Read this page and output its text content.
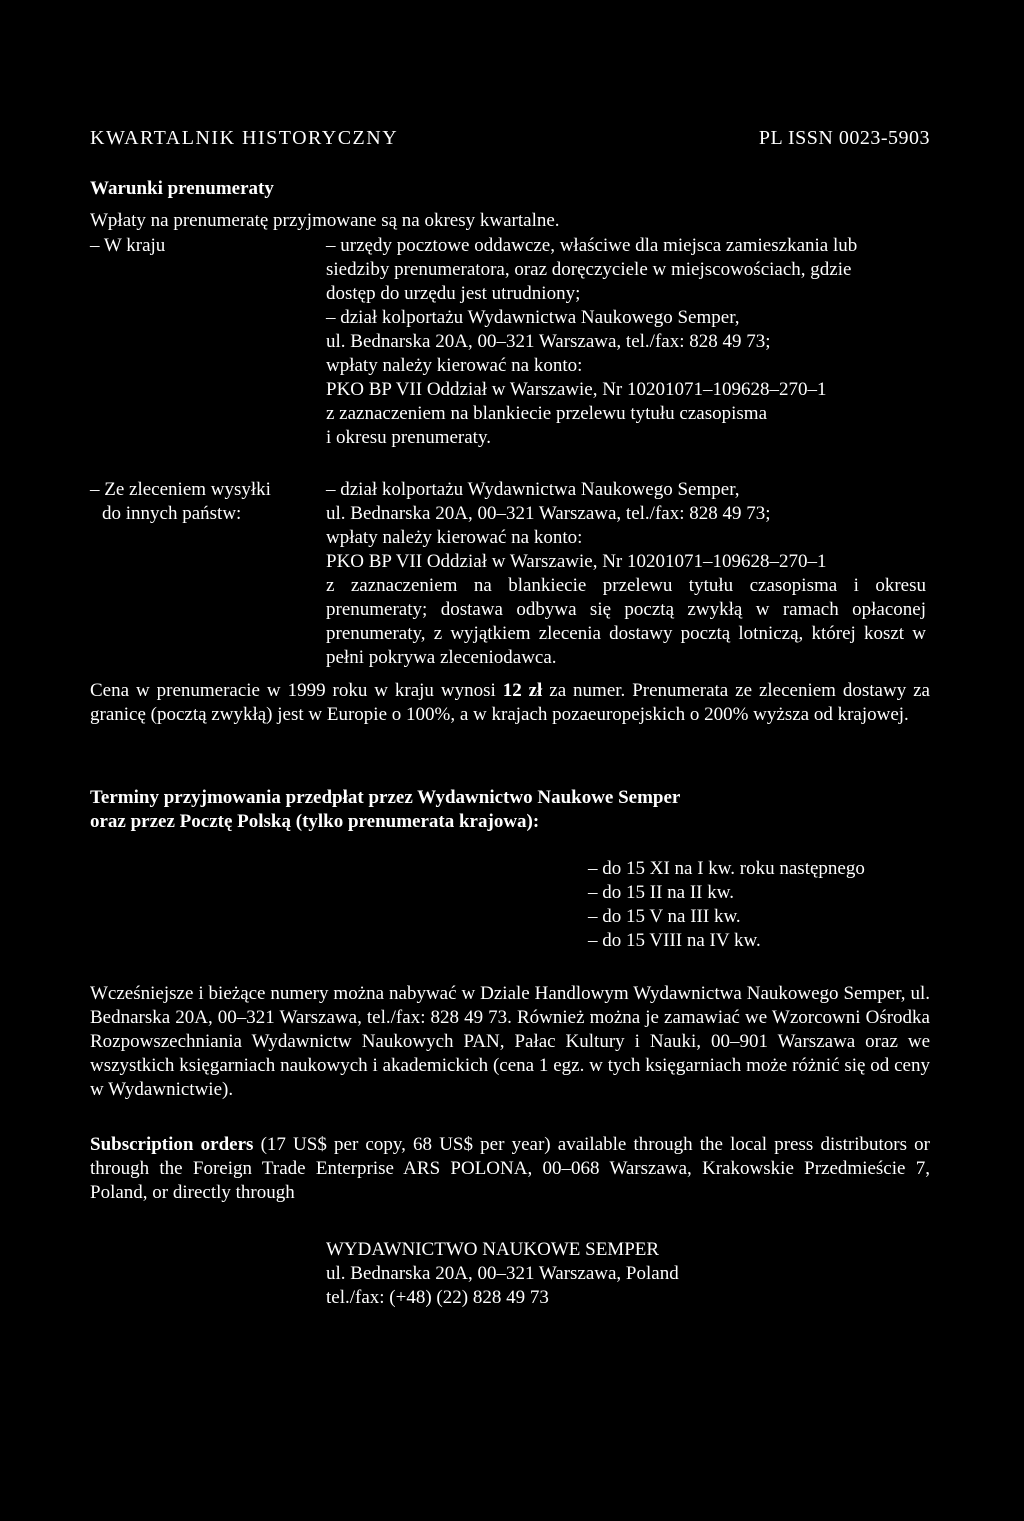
KWARTALNIK HISTORYCZNY	PL ISSN 0023-5903
Warunki prenumeraty
Wpłaty na prenumeratę przyjmowane są na okresy kwartalne.
– W kraju	– urzędy pocztowe oddawcze, właściwe dla miejsca zamieszkania lub
siedziby prenumeratora, oraz doręczyciele w miejscowościach, gdzie
dostęp do urzędu jest utrudniony;
– dział kolportażu Wydawnictwa Naukowego Semper,
ul. Bednarska 20A, 00–321 Warszawa, tel./fax: 828 49 73;
wpłaty należy kierować na konto:
PKO BP VII Oddział w Warszawie, Nr 10201071–109628–270–1
z zaznaczeniem na blankiecie przelewu tytułu czasopisma
i okresu prenumeraty.
– Ze zleceniem wysyłki
do innych państw:
– dział kolportażu Wydawnictwa Naukowego Semper,
ul. Bednarska 20A, 00–321 Warszawa, tel./fax: 828 49 73;
wpłaty należy kierować na konto:
PKO BP VII Oddział w Warszawie, Nr 10201071–109628–270–1

z zaznaczeniem na blankiecie przelewu tytułu czasopisma i okresu prenumeraty; dostawa odbywa się pocztą zwykłą w ramach opłaconej prenumeraty, z wyjątkiem zlecenia dostawy pocztą lotniczą, której koszt w pełni pokrywa zleceniodawca.

Cena w prenumeracie w 1999 roku w kraju wynosi 12 zł za numer. Prenumerata ze zleceniem dostawy za granicę (pocztą zwykłą) jest w Europie o 100%, a w krajach pozaeuropejskich o 200% wyższa od krajowej.

Terminy przyjmowania przedpłat przez Wydawnictwo Naukowe Semper
oraz przez Pocztę Polską (tylko prenumerata krajowa):
– do 15 XI na I kw. roku następnego
– do 15 II na II kw.
– do 15 V na III kw.
– do 15 VIII na IV kw.

Wcześniejsze i bieżące numery można nabywać w Dziale Handlowym Wydawnictwa Naukowego Semper, ul. Bednarska 20A, 00–321 Warszawa, tel./fax: 828 49 73. Również można je zamawiać we Wzorcowni Ośrodka Rozpowszechniania Wydawnictw Naukowych PAN, Pałac Kultury i Nauki, 00–901 Warszawa oraz we wszystkich księgarniach naukowych i akademickich (cena 1 egz. w tych księgarniach może różnić się od ceny w Wydawnictwie).

Subscription orders (17 US$ per copy, 68 US$ per year) available through the local press distributors or through the Foreign Trade Enterprise ARS POLONA, 00–068 Warszawa, Krakowskie Przedmieście 7, Poland, or directly through

WYDAWNICTWO NAUKOWE SEMPER
ul. Bednarska 20A, 00–321 Warszawa, Poland
tel./fax: (+48) (22) 828 49 73
